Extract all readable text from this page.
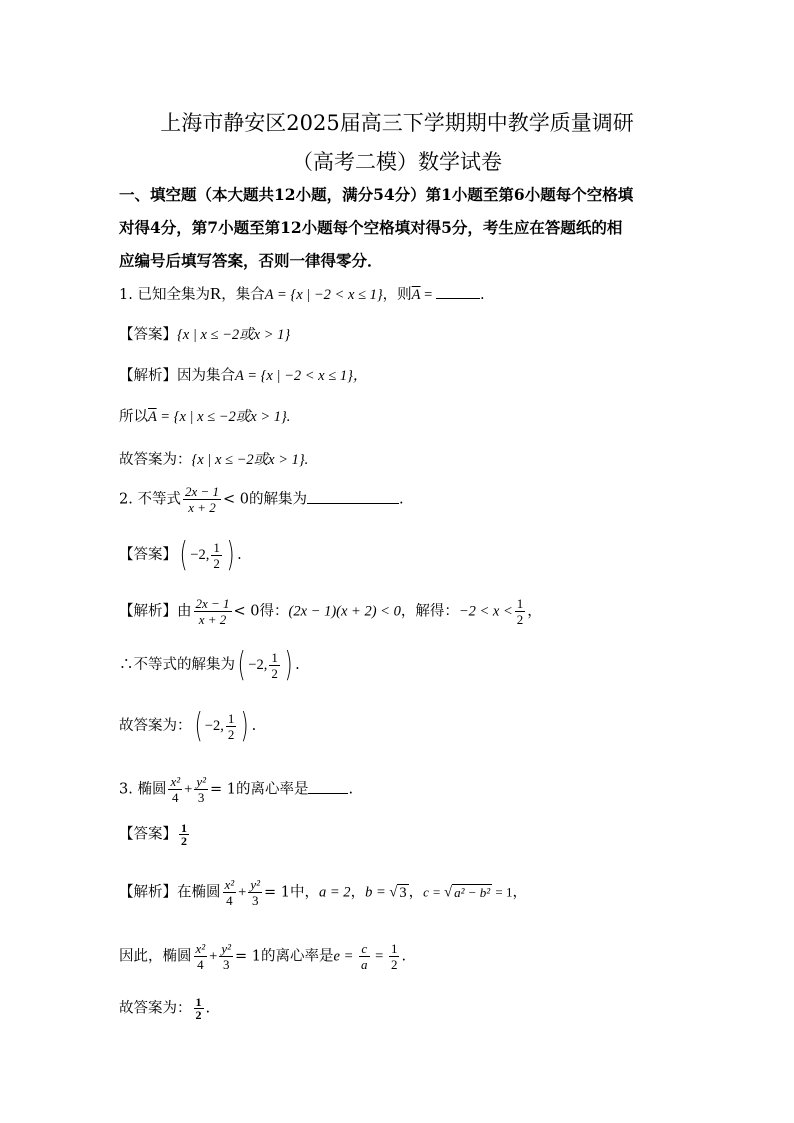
上海市静安区2025届高三下学期期中教学质量调研
（高考二模）数学试卷
一、填空题（本大题共12小题，满分54分）第1小题至第6小题每个空格填
对得4分，第7小题至第12小题每个空格填对得5分，考生应在答题纸的相
应编号后填写答案，否则一律得零分．
1. 已知全集为R，集合A = {x | −2 < x ≤ 1}，则$\overline{A}$ =	.
【答案】{x | x ≤ −2或x > 1}
【解析】因为集合A = {x | −2 < x ≤ 1}，
所以$\overline{A} = \{x$ | x ≤ −2或x > 1}.
故答案为：{x | x ≤ −2或x > 1}.
2. 不等式 $\frac{2x - 1}{x + 2} < 0$的解集为	.
【答案】( −2, $\frac{1}{2}$ ) .
【解析】由 $\frac{2x - 1}{x + 2} < 0$得：(2x − 1)(x + 2) < 0，解得：$-2 < x < \frac{1}{2}$ ，
∴不等式的解集为( −2, $\frac{1}{2}$ ) .
故答案为：( −2, $\frac{1}{2}$ ) .
3. 椭圆 $\frac{\text{x²}}{4} + \frac{\text{y²}}{3} = 1$的离心率是	.
【答案】 $\frac{1}{2}$
【解析】在椭圆 $\frac{\text{x²}}{4} + \frac{\text{y²}}{3} = 1$中，a = 2，b = √ 3 ，c = √ a² − b² = 1，
因此，椭圆 $\frac{\text{x²}}{4} + \frac{\text{y²}}{3} = 1$的离心率是$e = \frac{c}{a} = \frac{1}{2}$ .
故答案为： $\frac{1}{2}$ .
